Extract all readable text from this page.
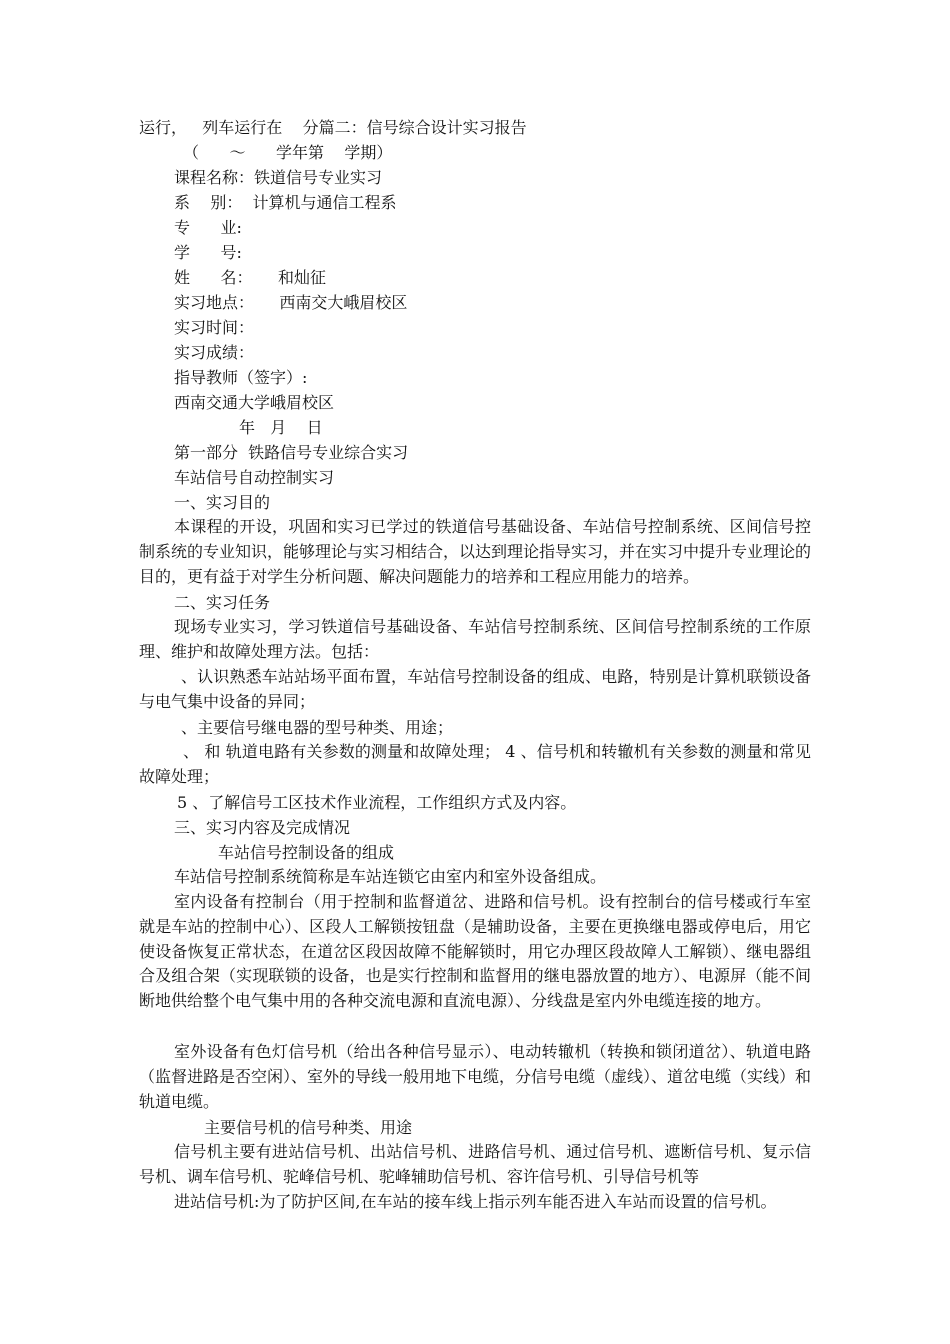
运行，   列车运行在    分篇二：信号综合设计实习报告
（      ～      学年第    学期）
课程名称：铁道信号专业实习
系    别：  计算机与通信工程系
专      业:
学      号:
姓      名：     和灿征
实习地点：     西南交大峨眉校区
实习时间：
实习成绩：
指导教师（签字）:
西南交通大学峨眉校区
年   月    日
第一部分  铁路信号专业综合实习
车站信号自动控制实习
一、实习目的
本课程的开设，巩固和实习已学过的铁道信号基础设备、车站信号控制系统、区间信号控制系统的专业知识，能够理论与实习相结合，以达到理论指导实习，并在实习中提升专业理论的目的，更有益于对学生分析问题、解决问题能力的培养和工程应用能力的培养。
二、实习任务
现场专业实习，学习铁道信号基础设备、车站信号控制系统、区间信号控制系统的工作原理、维护和故障处理方法。包括：
、认识熟悉车站站场平面布置，车站信号控制设备的组成、电路，特别是计算机联锁设备与电气集中设备的异同；
、主要信号继电器的型号种类、用途；
、 和 轨道电路有关参数的测量和故障处理； 4 、信号机和转辙机有关参数的测量和常见故障处理；
5 、了解信号工区技术作业流程，工作组织方式及内容。
三、实习内容及完成情况
车站信号控制设备的组成
车站信号控制系统简称是车站连锁它由室内和室外设备组成。
室内设备有控制台（用于控制和监督道岔、进路和信号机。设有控制台的信号楼或行车室就是车站的控制中心）、区段人工解锁按钮盘（是辅助设备，主要在更换继电器或停电后，用它使设备恢复正常状态，在道岔区段因故障不能解锁时，用它办理区段故障人工解锁）、继电器组合及组合架（实现联锁的设备，也是实行控制和监督用的继电器放置的地方）、电源屏（能不间断地供给整个电气集中用的各种交流电源和直流电源）、分线盘是室内外电缆连接的地方。
室外设备有色灯信号机（给出各种信号显示）、电动转辙机（转换和锁闭道岔）、轨道电路（监督进路是否空闲）、室外的导线一般用地下电缆，分信号电缆（虚线）、道岔电缆（实线）和轨道电缆。
主要信号机的信号种类、用途
信号机主要有进站信号机、出站信号机、进路信号机、通过信号机、遮断信号机、复示信号机、调车信号机、驼峰信号机、驼峰辅助信号机、容许信号机、引导信号机等
进站信号机:为了防护区间,在车站的接车线上指示列车能否进入车站而设置的信号机。
